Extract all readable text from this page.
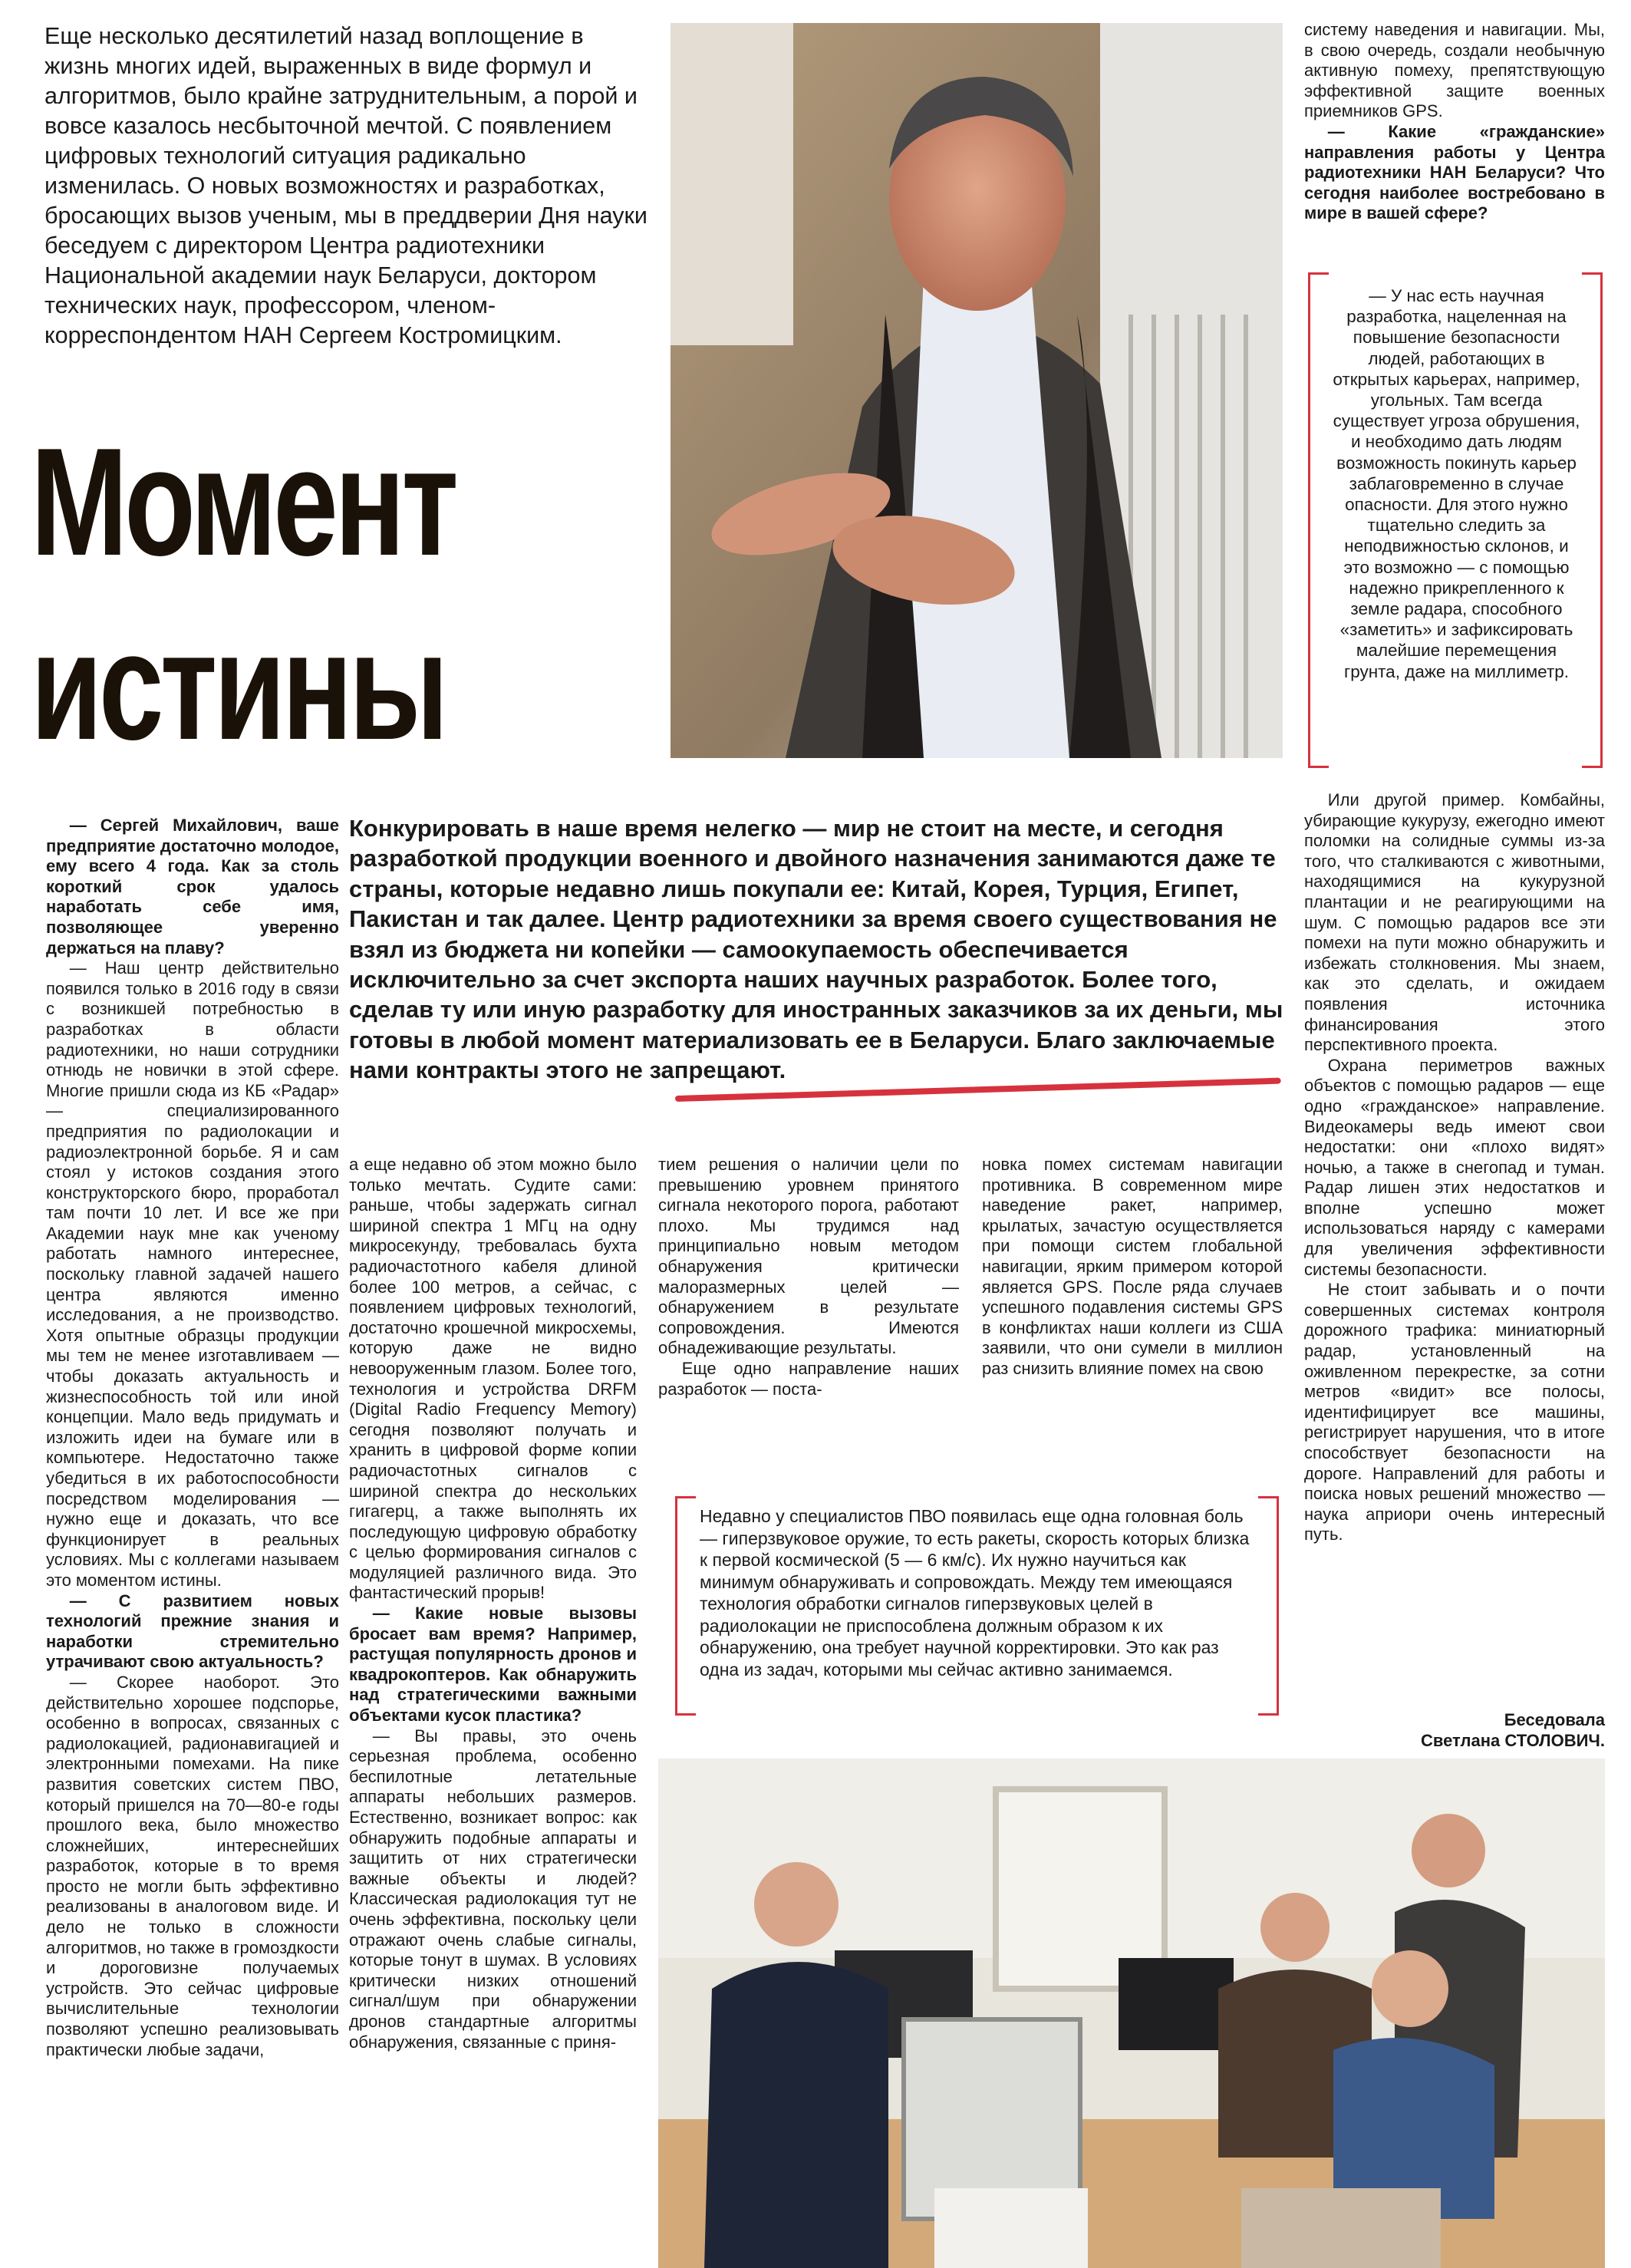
Еще несколько десятилетий назад воплощение в жизнь многих идей, выраженных в виде формул и алгоритмов, было крайне затруднительным, а порой и вовсе казалось несбыточной мечтой. С появлением цифровых технологий ситуация радикально изменилась. О новых возможностях и разработках, бросающих вызов ученым, мы в преддверии Дня науки беседуем с директором Центра радиотехники Национальной академии наук Беларуси, доктором технических наук, профессором, членом-корреспондентом НАН Сергеем Костромицким.
Момент
истины

систему наведения и навигации. Мы, в свою очередь, создали необычную активную помеху, препятствующую эффективной защите военных приемников GPS.

— Какие «гражданские» направления работы у Центра радиотехники НАН Беларуси? Что сегодня наиболее востребовано в мире в вашей сфере?

— У нас есть научная разработка, нацеленная на повышение безопасности людей, работающих в открытых карьерах, например, угольных. Там всегда существует угроза обрушения, и необходимо дать людям возможность покинуть карьер заблаговременно в случае опасности. Для этого нужно тщательно следить за неподвижностью склонов, и это возможно — с помощью надежно прикрепленного к земле радара, способного «заметить» и зафиксировать малейшие перемещения грунта, даже на миллиметр.

— Сергей Михайлович, ваше предприятие достаточно молодое, ему всего 4 года. Как за столь короткий срок удалось наработать себе имя, позволяющее уверенно держаться на плаву?

— Наш центр действительно появился только в 2016 году в связи с возникшей потребностью в разработках в области радиотехники, но наши сотрудники отнюдь не новички в этой сфере. Многие пришли сюда из КБ «Радар» — специализированного предприятия по радиолокации и радиоэлектронной борьбе. Я и сам стоял у истоков создания этого конструкторского бюро, проработал там почти 10 лет. И все же при Академии наук мне как ученому работать намного интереснее, поскольку главной задачей нашего центра являются именно исследования, а не производство. Хотя опытные образцы продукции мы тем не менее изготавливаем — чтобы доказать актуальность и жизнеспособность той или иной концепции. Мало ведь придумать и изложить идеи на бумаге или в компьютере. Недостаточно также убедиться в их работоспособности посредством моделирования — нужно еще и доказать, что все функционирует в реальных условиях. Мы с коллегами называем это моментом истины.

— С развитием новых технологий прежние знания и наработки стремительно утрачивают свою актуальность?

— Скорее наоборот. Это действительно хорошее подспорье, особенно в вопросах, связанных с радиолокацией, радионавигацией и электронными помехами. На пике развития советских систем ПВО, который пришелся на 70—80-е годы прошлого века, было множество сложнейших, интереснейших разработок, которые в то время просто не могли быть эффективно реализованы в аналоговом виде. И дело не только в сложности алгоритмов, но также в громоздкости и дороговизне получаемых устройств. Это сейчас цифровые вычислительные технологии позволяют успешно реализовывать практически любые задачи,

Конкурировать в наше время нелегко — мир не стоит на месте, и сегодня разработкой продукции военного и двойного назначения занимаются даже те страны, которые недавно лишь покупали ее: Китай, Корея, Турция, Египет, Пакистан и так далее. Центр радиотехники за время своего существования не взял из бюджета ни копейки — самоокупаемость обеспечивается исключительно за счет экспорта наших научных разработок. Более того, сделав ту или иную разработку для иностранных заказчиков за их деньги, мы готовы в любой момент материализовать ее в Беларуси. Благо заключаемые нами контракты этого не запрещают.

а еще недавно об этом можно было только мечтать. Судите сами: раньше, чтобы задержать сигнал шириной спектра 1 МГц на одну микросекунду, требовалась бухта радиочастотного кабеля длиной более 100 метров, а сейчас, с появлением цифровых технологий, достаточно крошечной микросхемы, которую даже не видно невооруженным глазом. Более того, технология и устройства DRFM (Digital Radio Frequency Memory) сегодня позволяют получать и хранить в цифровой форме копии радиочастотных сигналов с шириной спектра до нескольких гигагерц, а также выполнять их последующую цифровую обработку с целью формирования сигналов с модуляцией различного вида. Это фантастический прорыв!

— Какие новые вызовы бросает вам время? Например, растущая популярность дронов и квадрокоптеров. Как обнаружить над стратегическими важными объектами кусок пластика?

— Вы правы, это очень серьезная проблема, особенно беспилотные летательные аппараты небольших размеров. Естественно, возникает вопрос: как обнаружить подобные аппараты и защитить от них стратегически важные объекты и людей? Классическая радиолокация тут не очень эффективна, поскольку цели отражают очень слабые сигналы, которые тонут в шумах. В условиях критически низких отношений сигнал/шум при обнаружении дронов стандартные алгоритмы обнаружения, связанные с приня-

тием решения о наличии цели по превышению уровнем принятого сигнала некоторого порога, работают плохо. Мы трудимся над принципиально новым методом обнаружения критически малоразмерных целей — обнаружением в результате сопровождения. Имеются обнадеживающие результаты.

Еще одно направление наших разработок — поста-

новка помех системам навигации противника. В современном мире наведение ракет, например, крылатых, зачастую осуществляется при помощи систем глобальной навигации, ярким примером которой является GPS. После ряда случаев успешного подавления системы GPS в конфликтах наши коллеги из США заявили, что они сумели в миллион раз снизить влияние помех на свою

Недавно у специалистов ПВО появилась еще одна головная боль — гиперзвуковое оружие, то есть ракеты, скорость которых близка к первой космической (5 — 6 км/с). Их нужно научиться как минимум обнаруживать и сопровождать. Между тем имеющаяся технология обработки сигналов гиперзвуковых целей в радиолокации не приспособлена должным образом к их обнаружению, она требует научной корректировки. Это как раз одна из задач, которыми мы сейчас активно занимаемся.

Или другой пример. Комбайны, убирающие кукурузу, ежегодно имеют поломки на солидные суммы из-за того, что сталкиваются с животными, находящимися на кукурузной плантации и не реагирующими на шум. С помощью радаров все эти помехи на пути можно обнаружить и избежать столкновения. Мы знаем, как это сделать, и ожидаем появления источника финансирования этого перспективного проекта.

Охрана периметров важных объектов с помощью радаров — еще одно «гражданское» направление. Видеокамеры ведь имеют свои недостатки: они «плохо видят» ночью, а также в снегопад и туман. Радар лишен этих недостатков и вполне успешно может использоваться наряду с камерами для увеличения эффективности системы безопасности.

Не стоит забывать и о почти совершенных системах контроля дорожного трафика: миниатюрный радар, установленный на оживленном перекрестке, за сотни метров «видит» все полосы, идентифицирует все машины, регистрирует нарушения, что в итоге способствует безопасности на дороге. Направлений для работы и поиска новых решений множество — наука априори очень интересный путь.

Беседовала
Светлана СТОЛОВИЧ.
